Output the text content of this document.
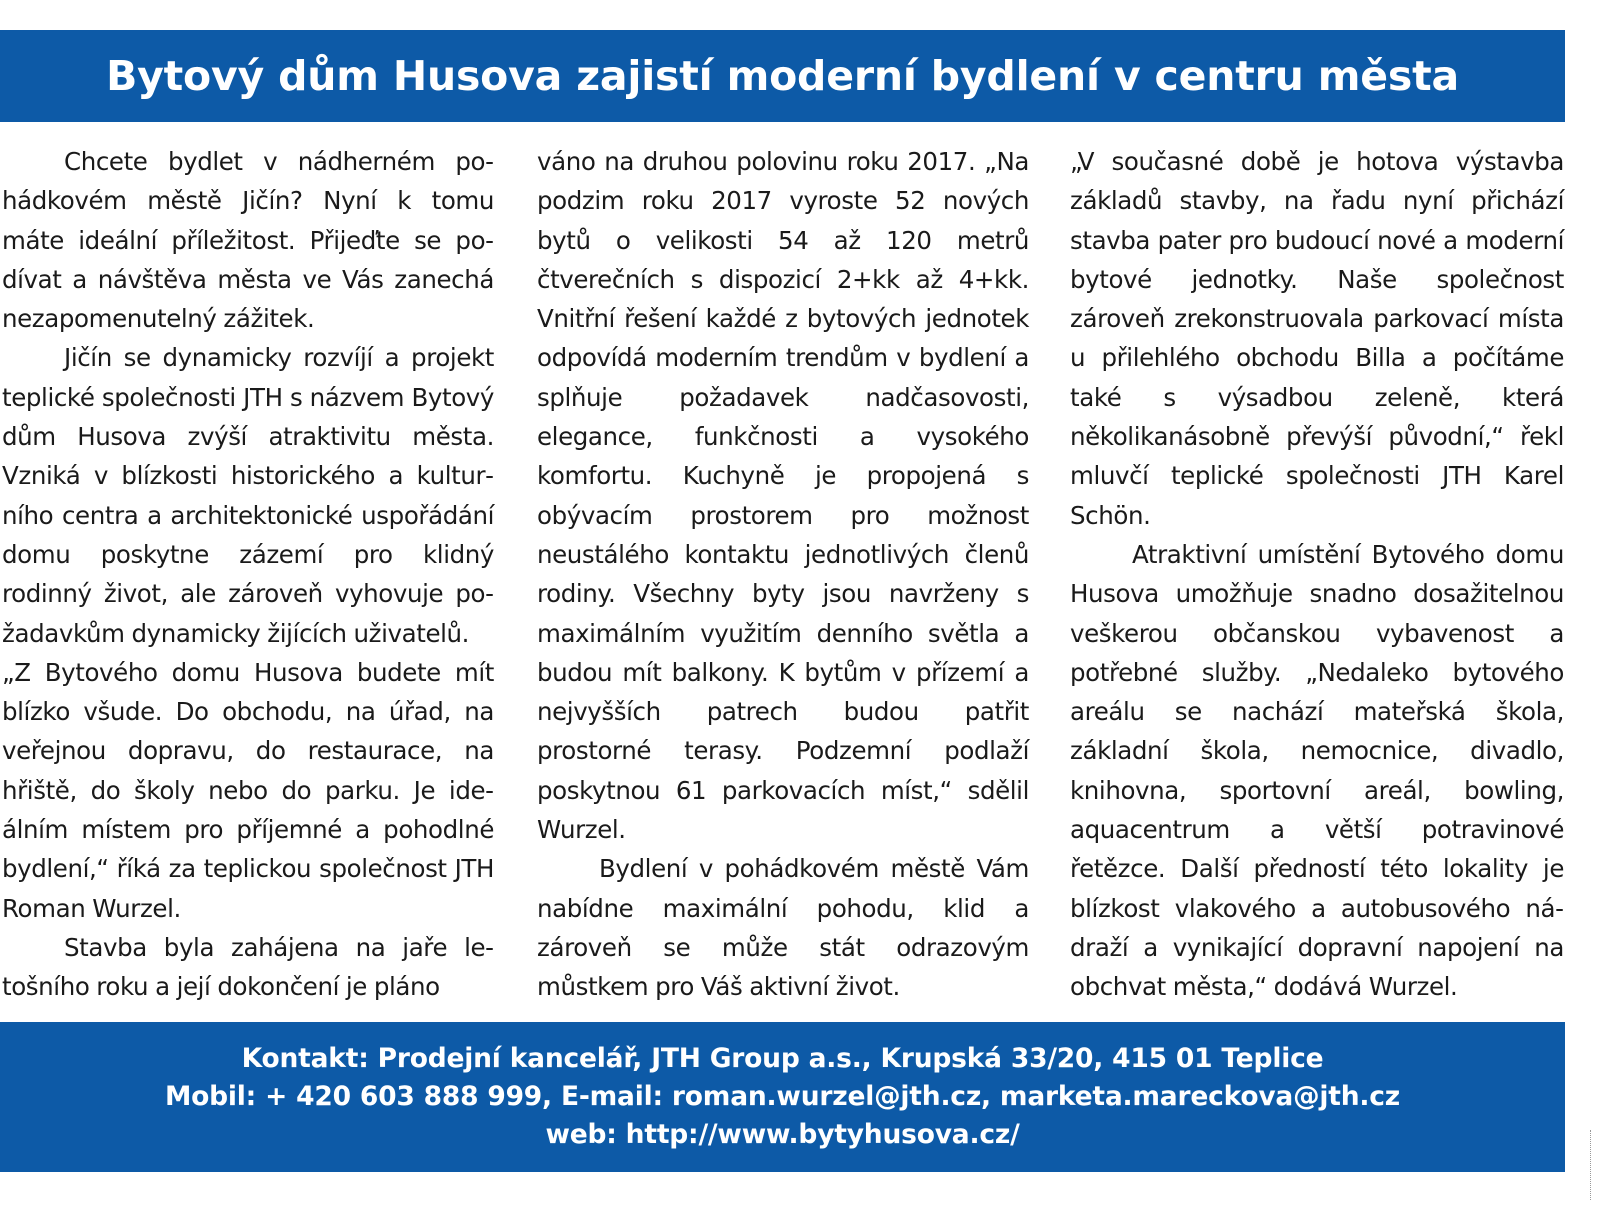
Bytový dům Husova zajistí moderní bydlení v centru města

Chcete bydlet v nádherném pohádkovém městě Jičín? Nyní k tomu máte ideální příležitost. Přijeďte se podívat a návštěva města ve Vás zanechá nezapomenutelný zážitek.

Jičín se dynamicky rozvíjí a projekt teplické společnosti JTH s názvem Bytový dům Husova zvýší atraktivitu města. Vzniká v blízkosti historického a kulturního centra a architektonické uspořádání domu poskytne zázemí pro klidný rodinný život, ale zároveň vyhovuje požadavkům dynamicky žijících uživatelů.

„Z Bytového domu Husova budete mít blízko všude. Do obchodu, na úřad, na veřejnou dopravu, do restaurace, na hřiště, do školy nebo do parku. Je ideálním místem pro příjemné a pohodlné bydlení,“ říká za teplickou společnost JTH Roman Wurzel.

Stavba byla zahájena na jaře letošního roku a její dokončení je pláno

váno na druhou polovinu roku 2017. „Na podzim roku 2017 vyroste 52 nových bytů o velikosti 54 až 120 metrů čtverečních s dispozicí 2+kk až 4+kk. Vnitřní řešení každé z bytových jednotek odpovídá moderním trendům v bydlení a splňuje požadavek nadčasovosti, elegance, funkčnosti a vysokého komfortu. Kuchyně je propojená s obývacím prostorem pro možnost neustálého kontaktu jednotlivých členů rodiny. Všechny byty jsou navrženy s maximálním využitím denního světla a budou mít balkony. K bytům v přízemí a nejvyšších patrech budou patřit prostorné terasy. Podzemní podlaží poskytnou 61 parkovacích míst,“ sdělil Wurzel.

Bydlení v pohádkovém městě Vám nabídne maximální pohodu, klid a zároveň se může stát odrazovým můstkem pro Váš aktivní život.

„V současné době je hotova výstavba základů stavby, na řadu nyní přichází stavba pater pro budoucí nové a moderní bytové jednotky. Naše společnost zároveň zrekonstruovala parkovací místa u přilehlého obchodu Billa a počítáme také s výsadbou zeleně, která několikanásobně převýší původní,“ řekl mluvčí teplické společnosti JTH Karel Schön.

Atraktivní umístění Bytového domu Husova umožňuje snadno dosažitelnou veškerou občanskou vybavenost a potřebné služby. „Nedaleko bytového areálu se nachází mateřská škola, základní škola, nemocnice, divadlo, knihovna, sportovní areál, bowling, aquacentrum a větší potravinové řetězce. Další předností této lokality je blízkost vlakového a autobusového nádraží a vynikající dopravní napojení na obchvat města,“ dodává Wurzel.

Kontakt: Prodejní kancelář, JTH Group a.s., Krupská 33/20, 415 01 Teplice
Mobil: + 420 603 888 999, E-mail: roman.wurzel@jth.cz, marketa.mareckova@jth.cz
web: http://www.bytyhusova.cz/
